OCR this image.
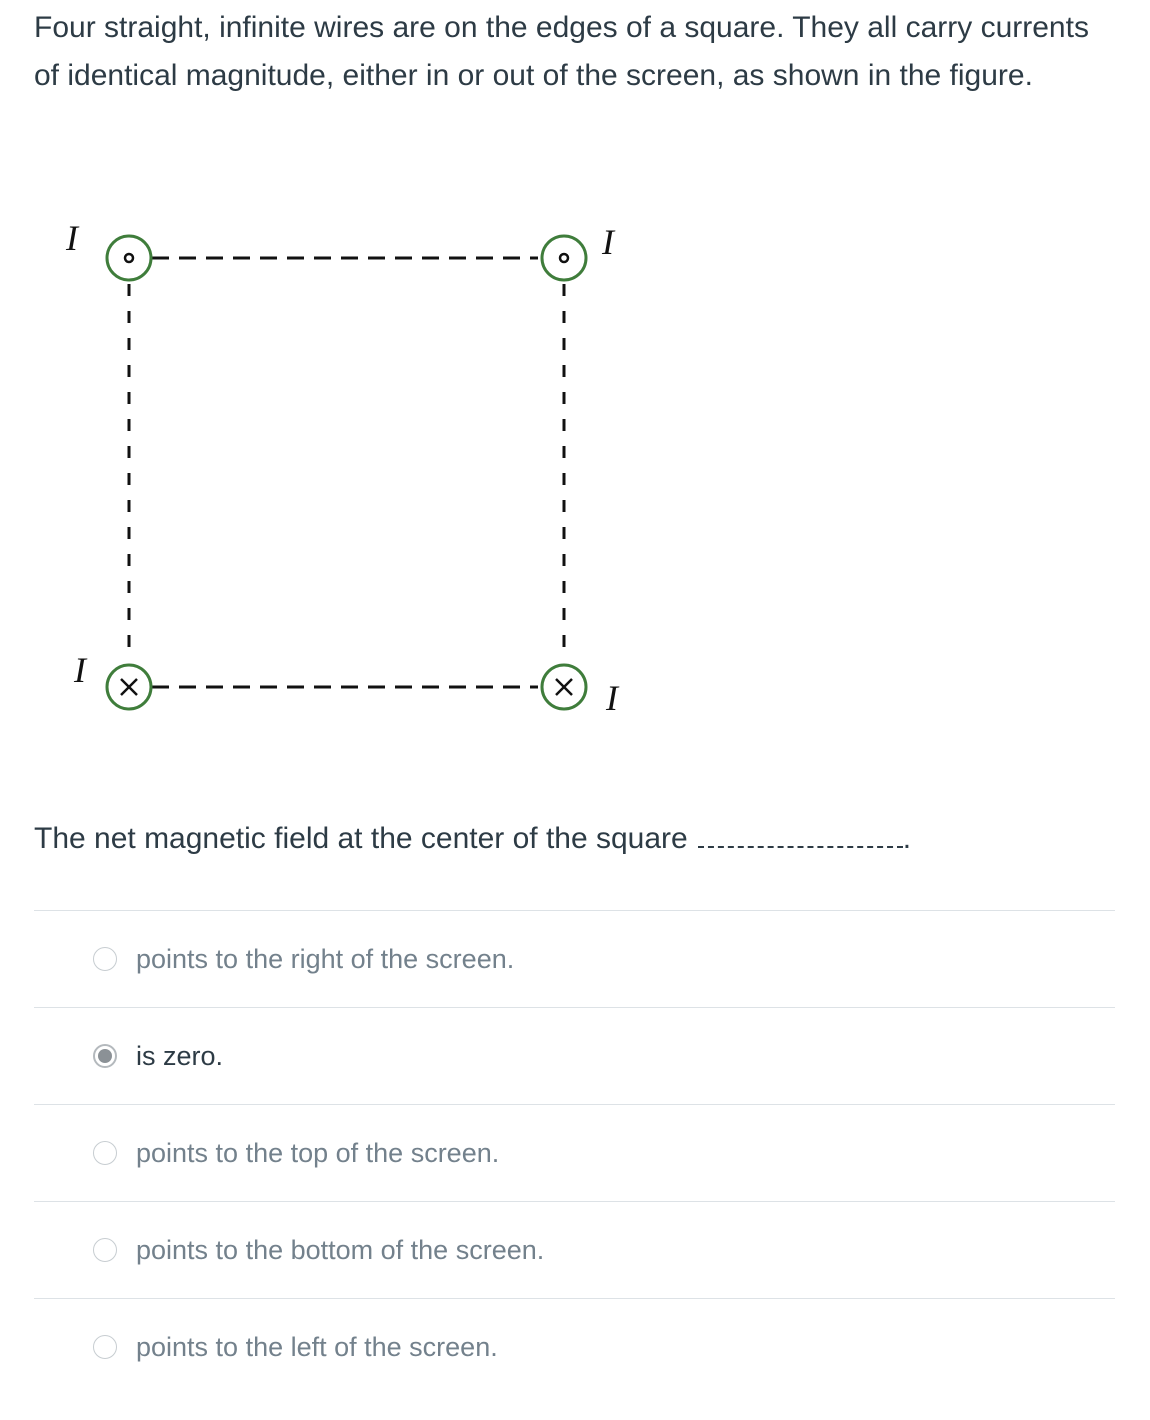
Four straight, infinite wires are on the edges of a square. They all carry currents of identical magnitude, either in or out of the screen, as shown in the figure.

I	I
I
I

The net magnetic field at the center of the square	.

points to the right of the screen.
is zero.
points to the top of the screen.
points to the bottom of the screen.
points to the left of the screen.
